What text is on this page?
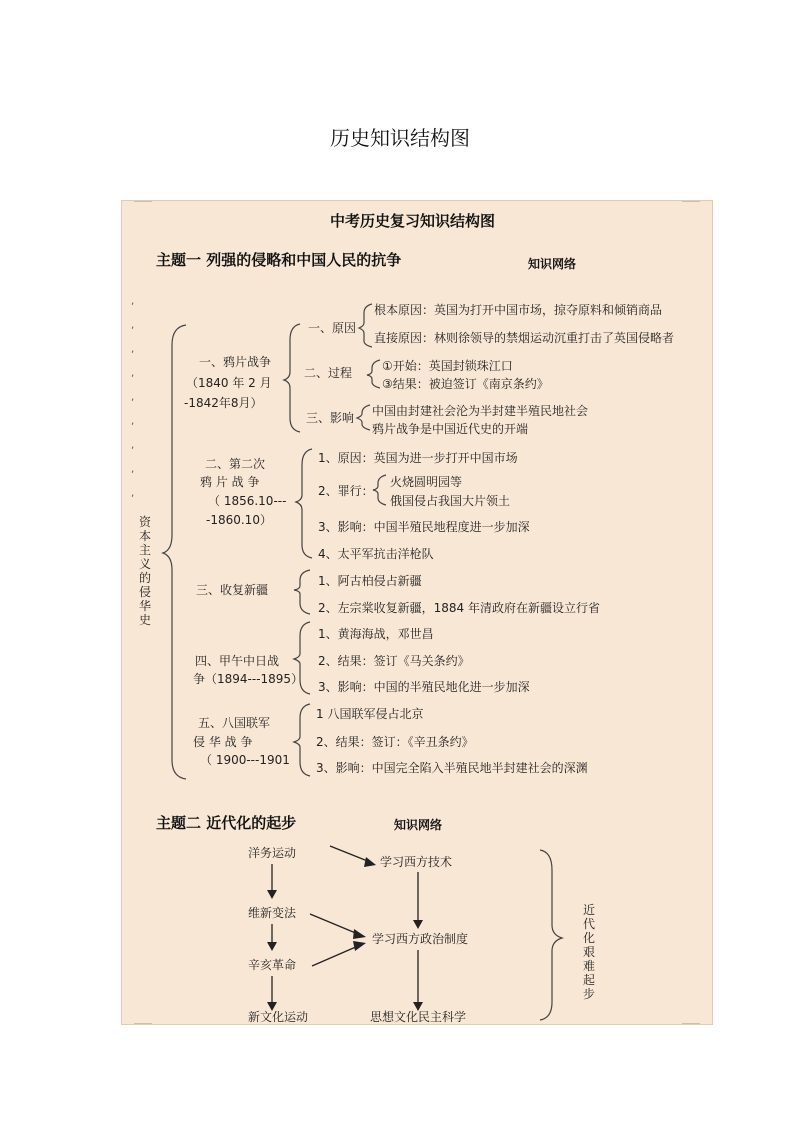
历史知识结构图
,
,
,
,
,
,
,
,
,
中考历史复习知识结构图
主题一 列强的侵略和中国人民的抗争	知识网络
资本主义的侵华史
一、鸦片战争
（1840 年 2 月
-1842年8月）
一、原因
根本原因：英国为打开中国市场，掠夺原料和倾销商品
直接原因：林则徐领导的禁烟运动沉重打击了英国侵略者
二、过程 ①开始：英国封锁珠江口
③结果：被迫签订《南京条约》
三、影响 中国由封建社会沦为半封建半殖民地社会
鸦片战争是中国近代史的开端
二、第二次
鸦 片 战 争
（ 1856.10---
-1860.10）
1、原因：英国为进一步打开中国市场
2、罪行：
火烧圆明园等
俄国侵占我国大片领土
3、影响：中国半殖民地程度进一步加深
4、太平军抗击洋枪队
三、收复新疆
1、阿古柏侵占新疆
2、左宗棠收复新疆，1884 年清政府在新疆设立行省
四、甲午中日战
争（1894---1895）
1、黄海海战，邓世昌
2、结果：签订《马关条约》
3、影响：中国的半殖民地化进一步加深
五、八国联军
侵 华 战 争
（ 1900---1901
1 八国联军侵占北京
2、结果：签订：《辛丑条约》
3、影响：中国完全陷入半殖民地半封建社会的深渊
主题二 近代化的起步	知识网络
洋务运动
维新变法
辛亥革命
新文化运动
学习西方技术
学习西方政治制度
思想文化民主科学
近代化艰难起步
